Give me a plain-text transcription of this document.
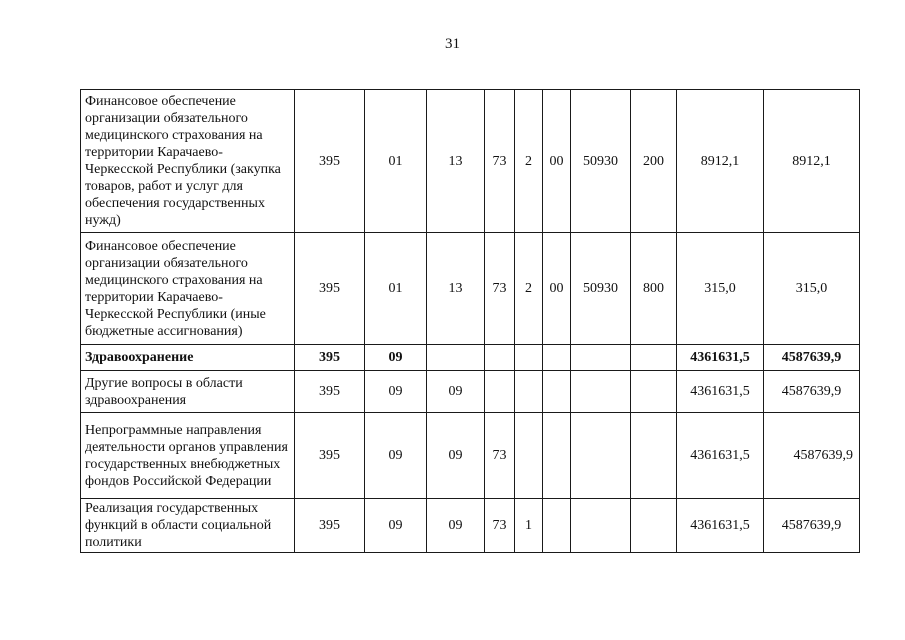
31
Финансовое обеспечение организации обязательного медицинского страхования на территории Карачаево-Черкесской Республики (закупка товаров, работ и услуг для обеспечения государственных нужд)	395	01	13	73	2	00	50930	200	8912,1	8912,1
Финансовое обеспечение организации обязательного медицинского страхования на территории Карачаево-Черкесской Республики (иные бюджетные ассигнования)	395	01	13	73	2	00	50930	800	315,0	315,0
Здравоохранение	395	09							4361631,5	4587639,9
Другие вопросы в области здравоохранения	395	09	09						4361631,5	4587639,9
Непрограммные направления деятельности органов управления государственных внебюджетных фондов Российской Федерации	395	09	09	73					4361631,5	4587639,9
Реализация государственных функций в области социальной политики	395	09	09	73	1				4361631,5	4587639,9
